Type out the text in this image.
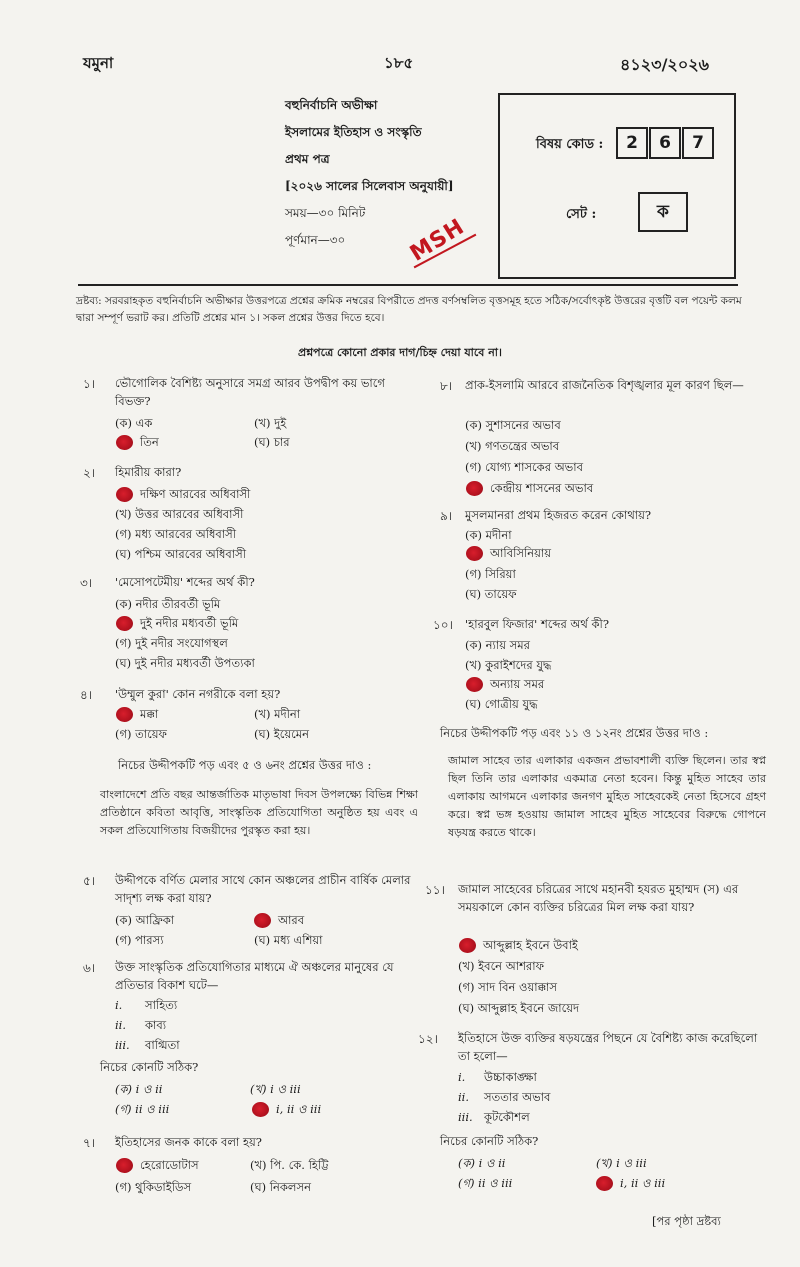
যমুনা	১৮৫	৪১২৩/২০২৬
বহুনির্বাচনি অভীক্ষা
ইসলামের ইতিহাস ও সংস্কৃতি
প্রথম পত্র
[২০২৬ সালের সিলেবাস অনুযায়ী]
সময়—৩০ মিনিট
পূর্ণমান—৩০	MSH
বিষয় কোড :	2	6	7
সেট :	ক
দ্রষ্টব্য: সরবরাহকৃত বহুনির্বাচনি অভীক্ষার উত্তরপত্রে প্রশ্নের ক্রমিক নম্বরের বিপরীতে প্রদত্ত বর্ণসম্বলিত বৃত্তসমূহ হতে সঠিক/সর্বোৎকৃষ্ট উত্তরের বৃত্তটি বল পয়েন্ট কলম দ্বারা সম্পূর্ণ ভরাট কর। প্রতিটি প্রশ্নের মান ১। সকল প্রশ্নের উত্তর দিতে হবে।
প্রশ্নপত্রে কোনো প্রকার দাগ/চিহ্ন দেয়া যাবে না।
১। ভৌগোলিক বৈশিষ্ট্য অনুসারে সমগ্র আরব উপদ্বীপ কয় ভাগে বিভক্ত?
(ক) এক	(খ) দুই
তিন	(ঘ) চার
২। হিমারীয় কারা?
দক্ষিণ আরবের অধিবাসী
(খ) উত্তর আরবের অধিবাসী
(গ) মধ্য আরবের অধিবাসী
(ঘ) পশ্চিম আরবের অধিবাসী
৩। 'মেসোপটেমীয়' শব্দের অর্থ কী?
(ক) নদীর তীরবর্তী ভূমি
দুই নদীর মধ্যবর্তী ভূমি
(গ) দুই নদীর সংযোগস্থল
(ঘ) দুই নদীর মধ্যবর্তী উপত্যকা
৪। 'উম্মুল কুরা' কোন নগরীকে বলা হয়?
মক্কা	(খ) মদীনা
(গ) তায়েফ	(ঘ) ইয়েমেন
নিচের উদ্দীপকটি পড় এবং ৫ ও ৬নং প্রশ্নের উত্তর দাও :
বাংলাদেশে প্রতি বছর আন্তর্জাতিক মাতৃভাষা দিবস উপলক্ষ্যে বিভিন্ন শিক্ষা প্রতিষ্ঠানে কবিতা আবৃত্তি, সাংস্কৃতিক প্রতিযোগিতা অনুষ্ঠিত হয় এবং এ সকল প্রতিযোগিতায় বিজয়ীদের পুরস্কৃত করা হয়।
৫। উদ্দীপকে বর্ণিত মেলার সাথে কোন অঞ্চলের প্রাচীন বার্ষিক মেলার সাদৃশ্য লক্ষ করা যায়?
(ক) আফ্রিকা	আরব
(গ) পারস্য	(ঘ) মধ্য এশিয়া
৬। উক্ত সাংস্কৃতিক প্রতিযোগিতার মাধ্যমে ঐ অঞ্চলের মানুষের যে প্রতিভার বিকাশ ঘটে—
i. সাহিত্য
ii. কাব্য
iii. বাগ্মিতা
নিচের কোনটি সঠিক?
(ক) i ও ii	(খ) i ও iii
(গ) ii ও iii	i, ii ও iii
৭। ইতিহাসের জনক কাকে বলা হয়?
হেরোডোটাস	(খ) পি. কে. হিট্টি
(গ) থুকিডাইডিস	(ঘ) নিকলসন
৮। প্রাক-ইসলামি আরবে রাজনৈতিক বিশৃঙ্খলার মূল কারণ ছিল—
(ক) সুশাসনের অভাব
(খ) গণতন্ত্রের অভাব
(গ) যোগ্য শাসকের অভাব
কেন্দ্রীয় শাসনের অভাব
৯। মুসলমানরা প্রথম হিজরত করেন কোথায়?
(ক) মদীনা
আবিসিনিয়ায়
(গ) সিরিয়া
(ঘ) তায়েফ
১০। 'হারবুল ফিজার' শব্দের অর্থ কী?
(ক) ন্যায় সমর
(খ) কুরাইশদের যুদ্ধ
অন্যায় সমর
(ঘ) গোত্রীয় যুদ্ধ
নিচের উদ্দীপকটি পড় এবং ১১ ও ১২নং প্রশ্নের উত্তর দাও :
জামাল সাহেব তার এলাকার একজন প্রভাবশালী ব্যক্তি ছিলেন। তার স্বপ্ন ছিল তিনি তার এলাকার একমাত্র নেতা হবেন। কিন্তু মুহিত সাহেব তার এলাকায় আগমনে এলাকার জনগণ মুহিত সাহেবকেই নেতা হিসেবে গ্রহণ করে। স্বপ্ন ভঙ্গ হওয়ায় জামাল সাহেব মুহিত সাহেবের বিরুদ্ধে গোপনে ষড়যন্ত্র করতে থাকে।
১১। জামাল সাহেবের চরিত্রের সাথে মহানবী হযরত মুহাম্মদ (স) এর সময়কালে কোন ব্যক্তির চরিত্রের মিল লক্ষ করা যায়?
আব্দুল্লাহ ইবনে উবাই
(খ) ইবনে আশরাফ
(গ) সাদ বিন ওয়াক্কাস
(ঘ) আব্দুল্লাহ ইবনে জায়েদ
১২। ইতিহাসে উক্ত ব্যক্তির ষড়যন্ত্রের পিছনে যে বৈশিষ্ট্য কাজ করেছিলো তা হলো—
i. উচ্চাকাঙ্ক্ষা
ii. সততার অভাব
iii. কূটকৌশল
নিচের কোনটি সঠিক?
(ক) i ও ii	(খ) i ও iii
(গ) ii ও iii	i, ii ও iii
[পর পৃষ্ঠা দ্রষ্টব্য
